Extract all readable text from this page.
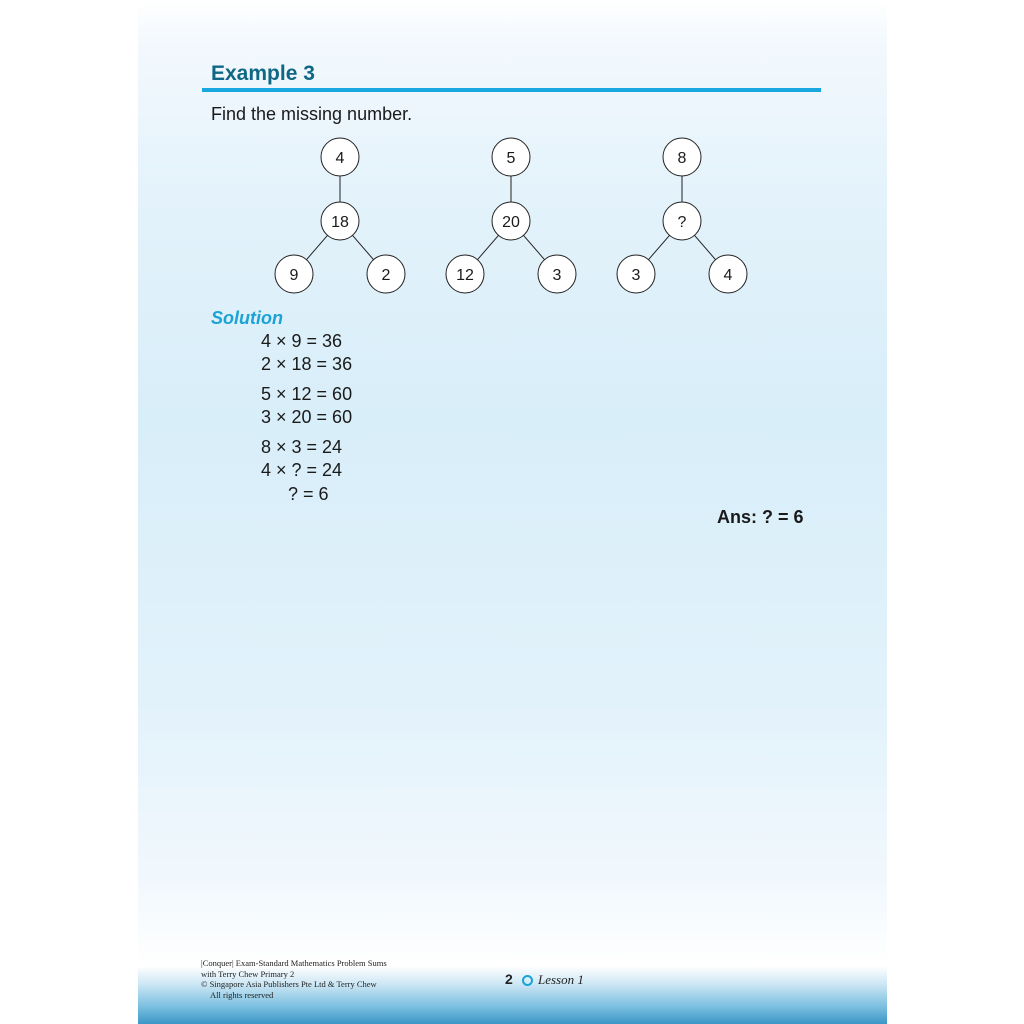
Example 3
Find the missing number.
4
18
9	2
5
20
12	3
8
?
3	4
Solution
4 × 9 = 36
2 × 18 = 36
5 × 12 = 60
3 × 20 = 60
8 × 3 = 24
4 × ? = 24
? = 6
Ans: ? = 6
|Conquer| Exam-Standard Mathematics Problem Sums
with Terry Chew Primary 2
© Singapore Asia Publishers Pte Ltd & Terry Chew
All rights reserved
2 Lesson 1
